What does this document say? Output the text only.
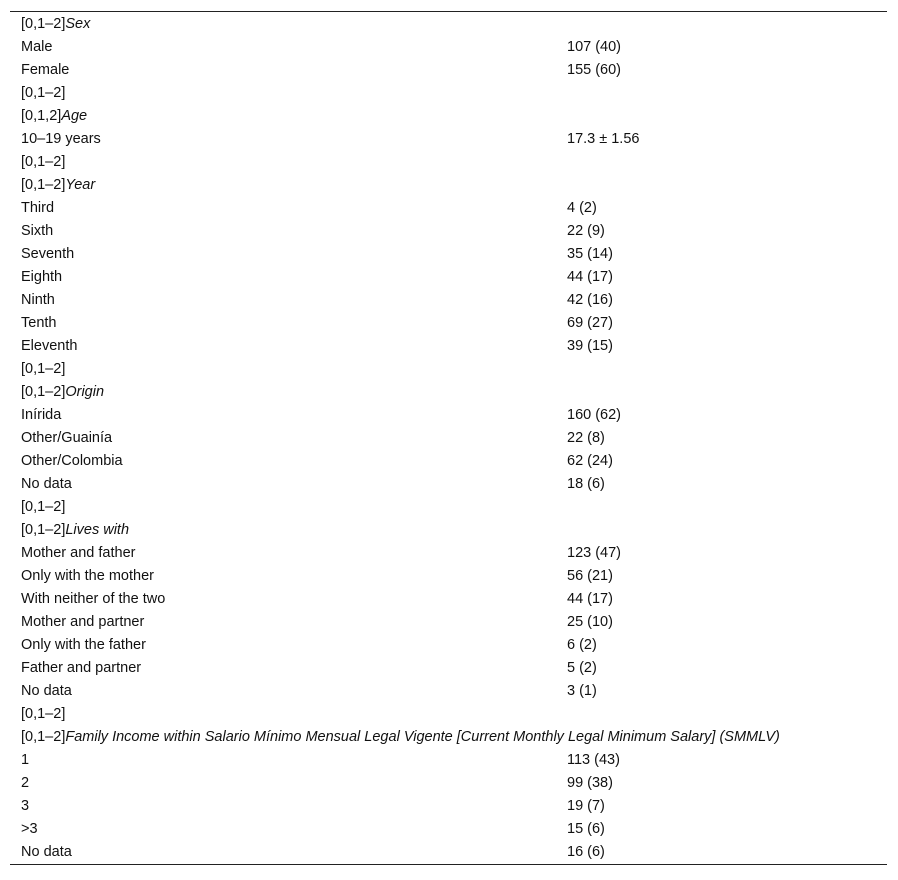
[0,1–2]Sex
Male	107 (40)
Female	155 (60)
[0,1–2]
[0,1,2]Age
10–19 years	17.3 ± 1.56
[0,1–2]
[0,1–2]Year
Third	4 (2)
Sixth	22 (9)
Seventh	35 (14)
Eighth	44 (17)
Ninth	42 (16)
Tenth	69 (27)
Eleventh	39 (15)
[0,1–2]
[0,1–2]Origin
Inírida	160 (62)
Other/Guainía	22 (8)
Other/Colombia	62 (24)
No data	18 (6)
[0,1–2]
[0,1–2]Lives with
Mother and father	123 (47)
Only with the mother	56 (21)
With neither of the two	44 (17)
Mother and partner	25 (10)
Only with the father	6 (2)
Father and partner	5 (2)
No data	3 (1)
[0,1–2]
[0,1–2]Family Income within Salario Mínimo Mensual Legal Vigente [Current Monthly Legal Minimum Salary] (SMMLV)
1	113 (43)
2	99 (38)
3	19 (7)
>3	15 (6)
No data	16 (6)
